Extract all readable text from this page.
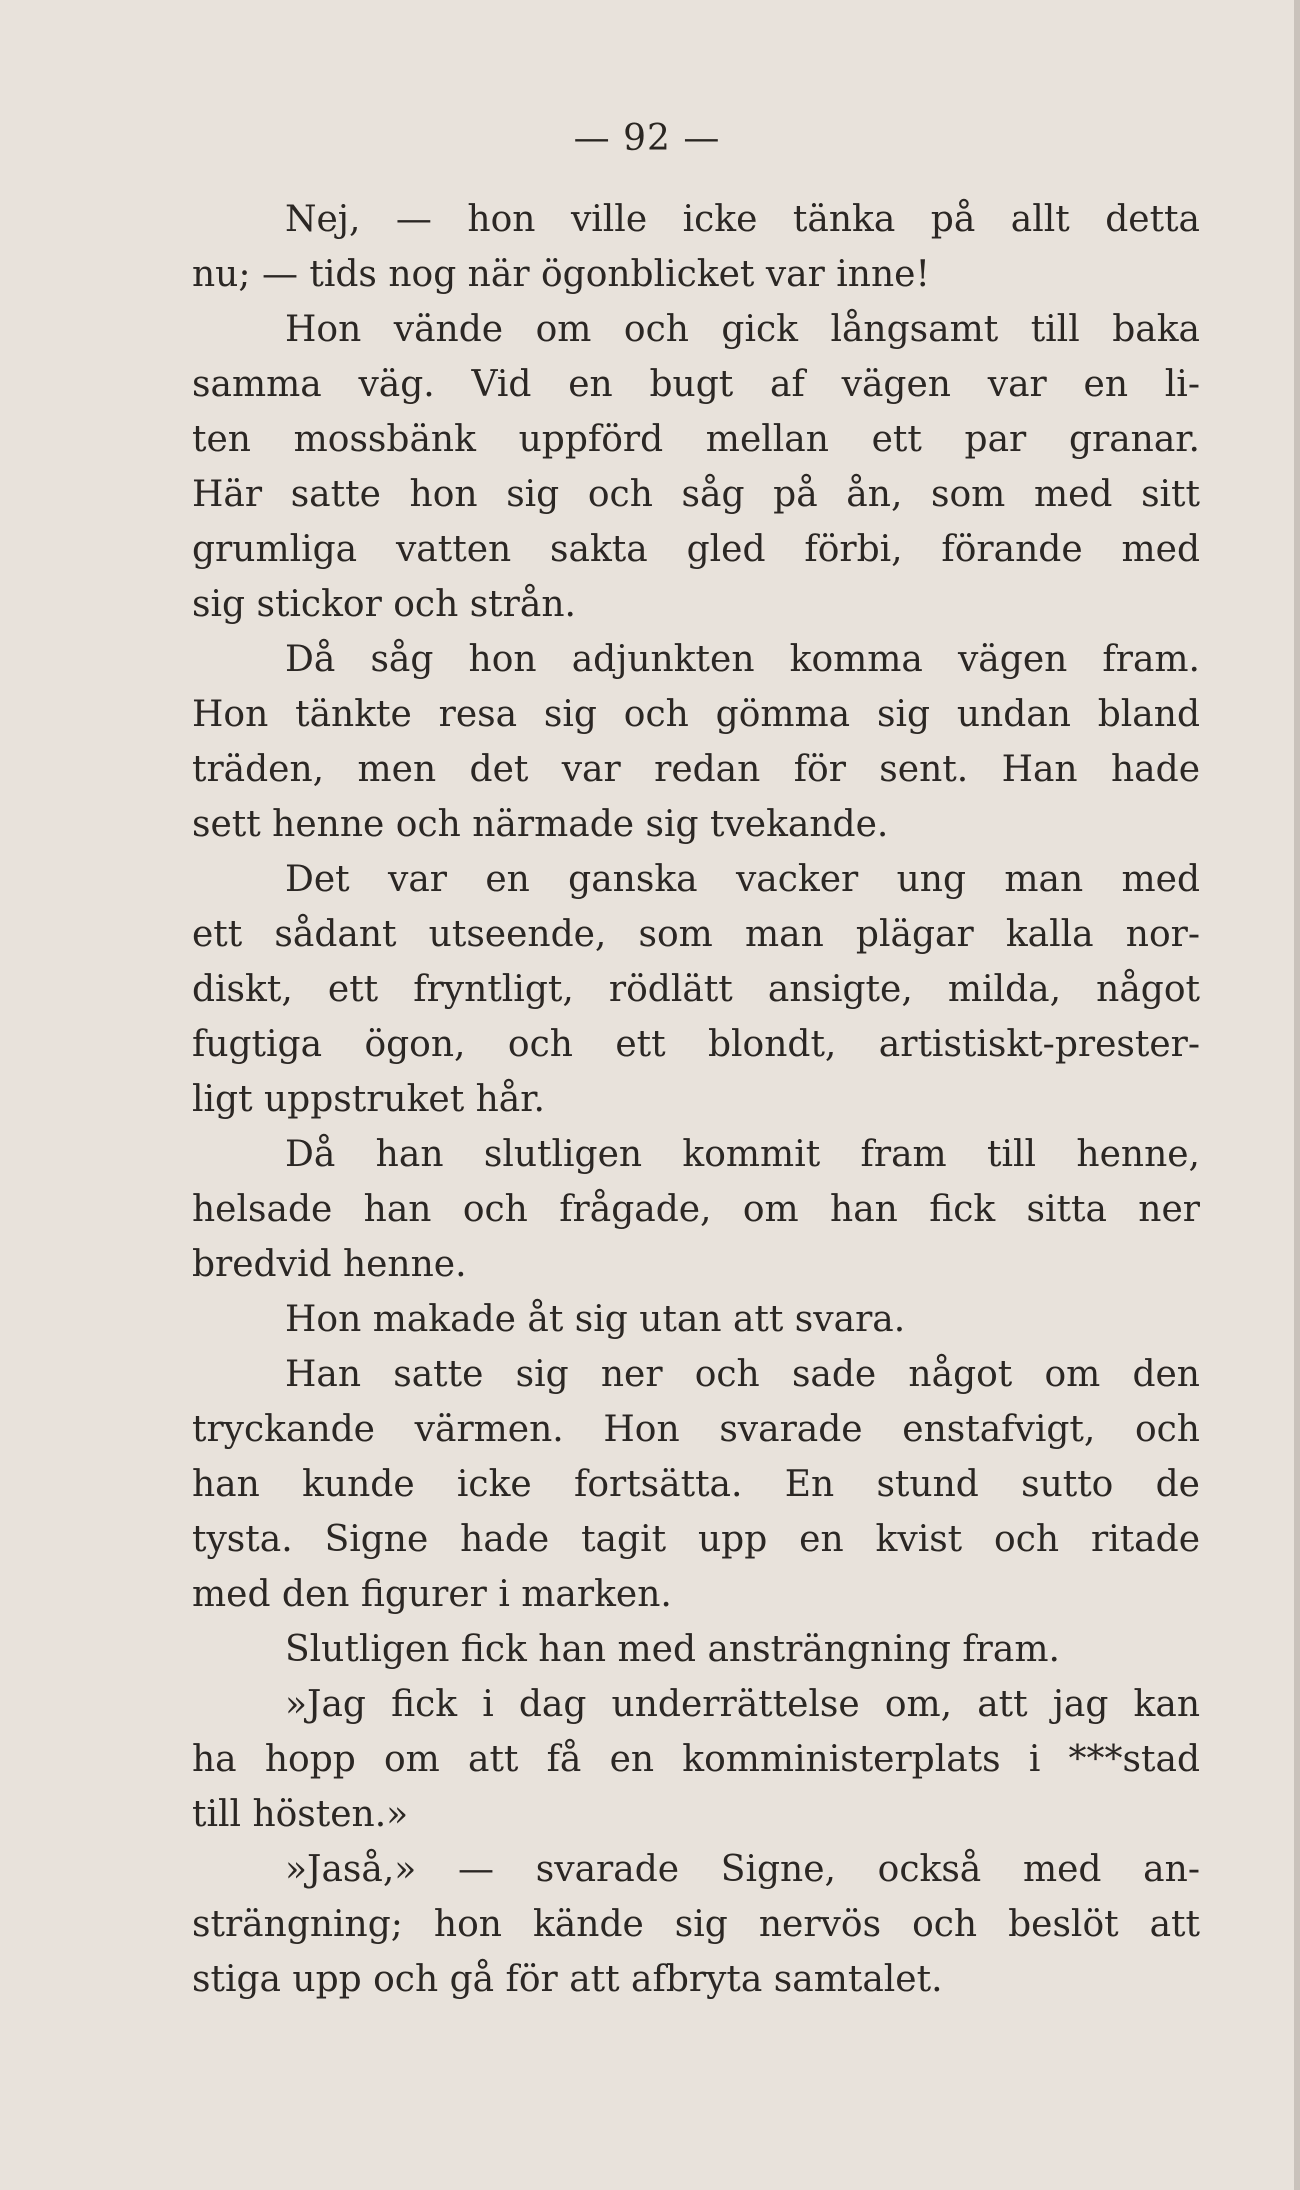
— 92 —
Nej, — hon ville icke tänka på allt detta
nu; — tids nog när ögonblicket var inne!
Hon vände om och gick långsamt till baka
samma väg. Vid en bugt af vägen var en li-
ten mossbänk uppförd mellan ett par granar.
Här satte hon sig och såg på ån, som med sitt
grumliga vatten sakta gled förbi, förande med
sig stickor och strån.
Då såg hon adjunkten komma vägen fram.
Hon tänkte resa sig och gömma sig undan bland
träden, men det var redan för sent. Han hade
sett henne och närmade sig tvekande.
Det var en ganska vacker ung man med
ett sådant utseende, som man plägar kalla nor-
diskt, ett fryntligt, rödlätt ansigte, milda, något
fugtiga ögon, och ett blondt, artistiskt-prester-
ligt uppstruket hår.
Då han slutligen kommit fram till henne,
helsade han och frågade, om han fick sitta ner
bredvid henne.
Hon makade åt sig utan att svara.
Han satte sig ner och sade något om den
tryckande värmen. Hon svarade enstafvigt, och
han kunde icke fortsätta. En stund sutto de
tysta. Signe hade tagit upp en kvist och ritade
med den figurer i marken.
Slutligen fick han med ansträngning fram.
»Jag fick i dag underrättelse om, att jag kan
ha hopp om att få en komministerplats i ***stad
till hösten.»
»Jaså,» — svarade Signe, också med an-
strängning; hon kände sig nervös och beslöt att
stiga upp och gå för att afbryta samtalet.
